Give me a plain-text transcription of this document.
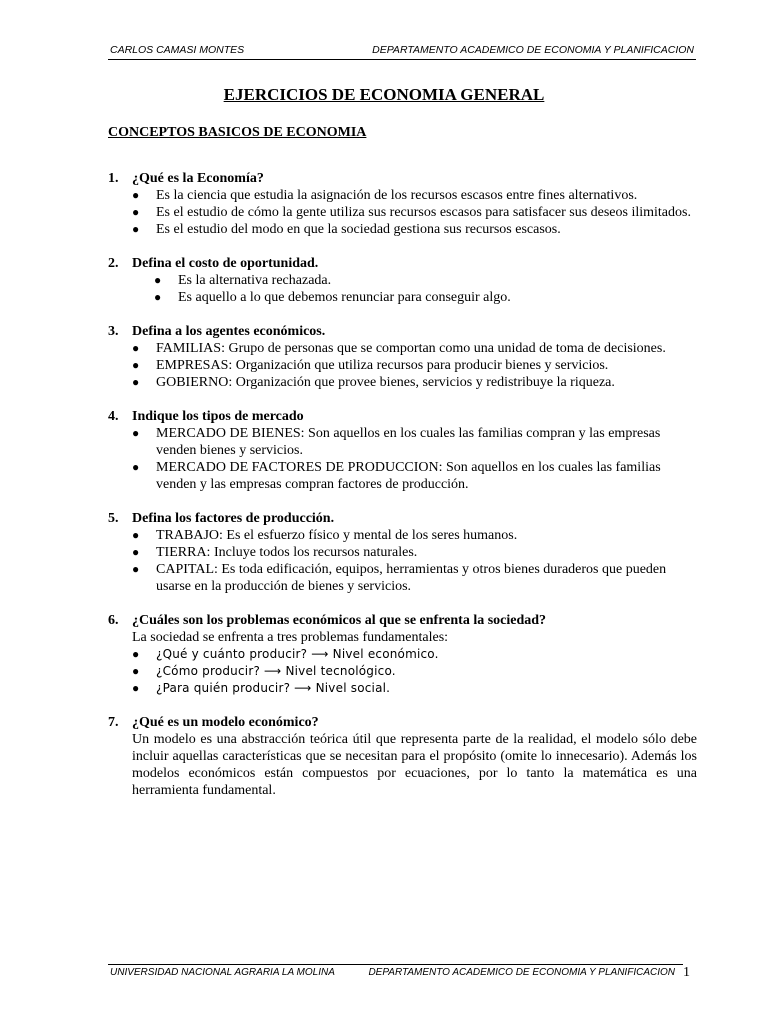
CARLOS CAMASI MONTES	DEPARTAMENTO ACADEMICO DE ECONOMIA Y PLANIFICACION
EJERCICIOS DE ECONOMIA GENERAL
CONCEPTOS BASICOS DE ECONOMIA
1. ¿Qué es la Economía?
●	Es la ciencia que estudia la asignación de los recursos escasos entre fines alternativos.
●	Es el estudio de cómo la gente utiliza sus recursos escasos para satisfacer sus deseos ilimitados.
●	Es el estudio del modo en que la sociedad gestiona sus recursos escasos.
2. Defina el costo de oportunidad.
●	Es la alternativa rechazada.
●	Es aquello a lo que debemos renunciar para conseguir algo.
3. Defina a los agentes económicos.
●	FAMILIAS: Grupo de personas que se comportan como una unidad de toma de decisiones.
●	EMPRESAS: Organización que utiliza recursos para producir bienes y servicios.
●	GOBIERNO: Organización que provee bienes, servicios y redistribuye la riqueza.
4. Indique los tipos de mercado
●	MERCADO DE BIENES: Son aquellos en los cuales las familias compran y las empresas venden bienes y servicios.
●	MERCADO DE FACTORES DE PRODUCCION: Son aquellos en los cuales las familias venden y las empresas compran factores de producción.
5. Defina los factores de producción.
●	TRABAJO: Es el esfuerzo físico y mental de los seres humanos.
●	TIERRA: Incluye todos los recursos naturales.
●	CAPITAL: Es toda edificación, equipos, herramientas y otros bienes duraderos que pueden usarse en la producción de bienes y servicios.
6. ¿Cuáles son los problemas económicos al que se enfrenta la sociedad?
La sociedad se enfrenta a tres problemas fundamentales:
●	¿Qué y cuánto producir? ⟶ Nivel económico.
●	¿Cómo producir? ⟶ Nivel tecnológico.
●	¿Para quién producir? ⟶ Nivel social.
7. ¿Qué es un modelo económico?
Un modelo es una abstracción teórica útil que representa parte de la realidad, el modelo sólo debe incluir aquellas características que se necesitan para el propósito (omite lo innecesario). Además los modelos económicos están compuestos por ecuaciones, por lo tanto la matemática es una herramienta fundamental.
UNIVERSIDAD NACIONAL AGRARIA LA MOLINA	DEPARTAMENTO ACADEMICO DE ECONOMIA Y PLANIFICACION 1
